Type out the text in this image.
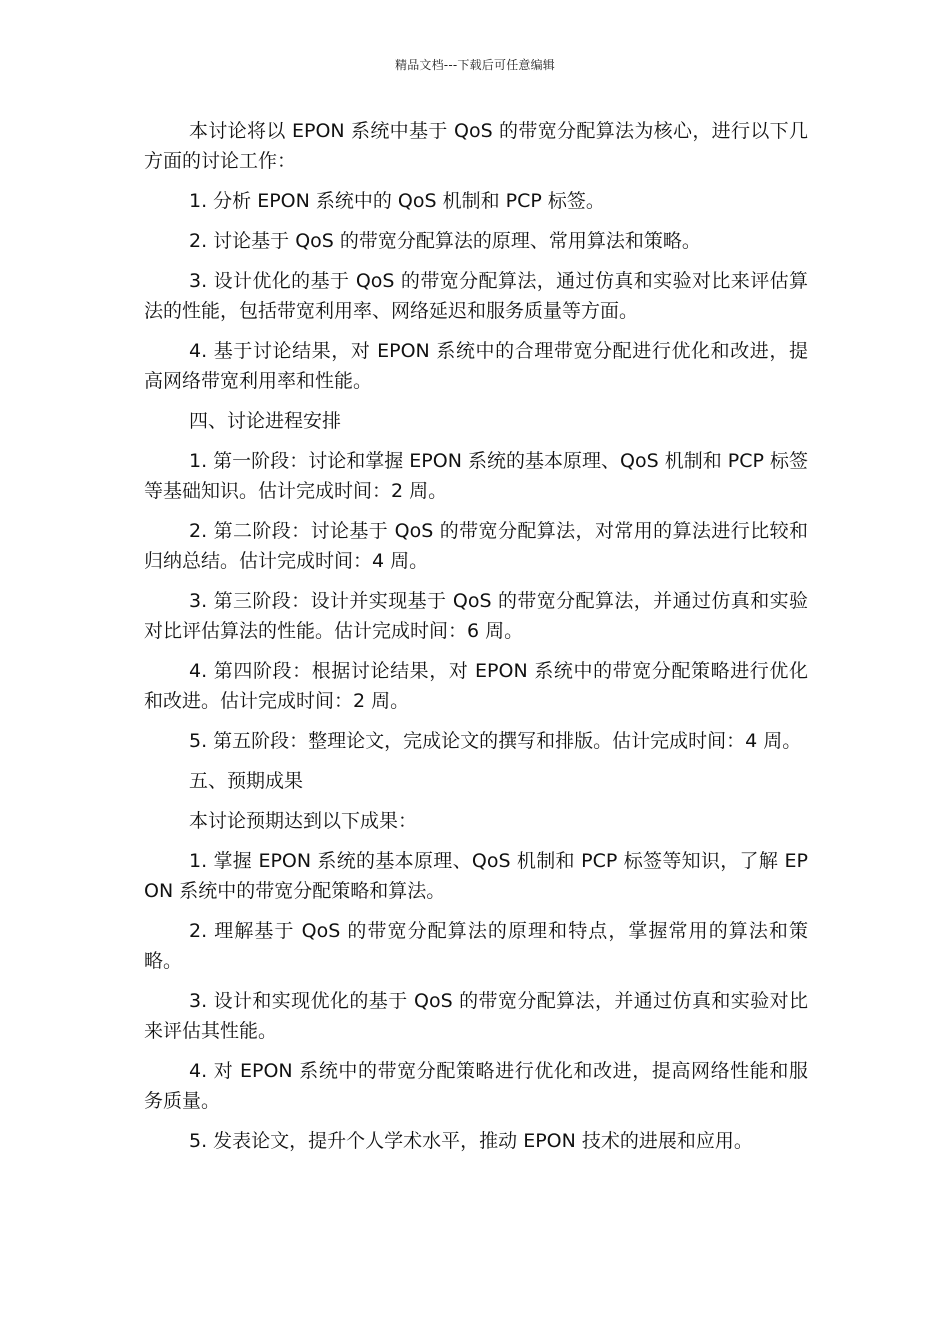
精品文档---下载后可任意编辑

本讨论将以 EPON 系统中基于 QoS 的带宽分配算法为核心，进行以下几方面的讨论工作：

1. 分析 EPON 系统中的 QoS 机制和 PCP 标签。

2. 讨论基于 QoS 的带宽分配算法的原理、常用算法和策略。

3. 设计优化的基于 QoS 的带宽分配算法，通过仿真和实验对比来评估算法的性能，包括带宽利用率、网络延迟和服务质量等方面。

4. 基于讨论结果，对 EPON 系统中的合理带宽分配进行优化和改进，提高网络带宽利用率和性能。

四、讨论进程安排

1. 第一阶段：讨论和掌握 EPON 系统的基本原理、QoS 机制和 PCP 标签等基础知识。估计完成时间：2 周。

2. 第二阶段：讨论基于 QoS 的带宽分配算法，对常用的算法进行比较和归纳总结。估计完成时间：4 周。

3. 第三阶段：设计并实现基于 QoS 的带宽分配算法，并通过仿真和实验对比评估算法的性能。估计完成时间：6 周。

4. 第四阶段：根据讨论结果，对 EPON 系统中的带宽分配策略进行优化和改进。估计完成时间：2 周。

5. 第五阶段：整理论文，完成论文的撰写和排版。估计完成时间：4 周。

五、预期成果

本讨论预期达到以下成果：

1. 掌握 EPON 系统的基本原理、QoS 机制和 PCP 标签等知识，了解 EPON 系统中的带宽分配策略和算法。

2. 理解基于 QoS 的带宽分配算法的原理和特点，掌握常用的算法和策略。

3. 设计和实现优化的基于 QoS 的带宽分配算法，并通过仿真和实验对比来评估其性能。

4. 对 EPON 系统中的带宽分配策略进行优化和改进，提高网络性能和服务质量。

5. 发表论文，提升个人学术水平，推动 EPON 技术的进展和应用。
